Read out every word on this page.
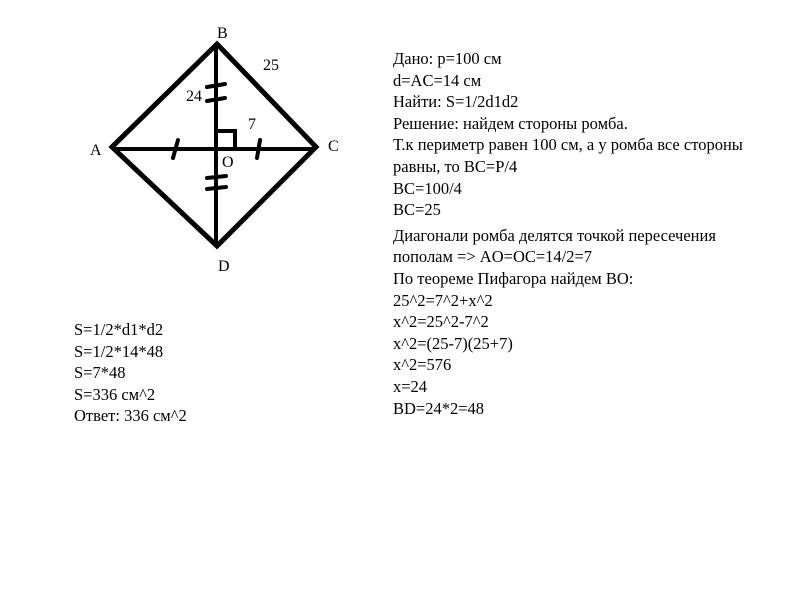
B
A	C
D
O
25
24
7
Дано: p=100 см
d=AC=14 см
Найти: S=1/2d1d2
Решение: найдем стороны ромба.
Т.к периметр равен 100 см, а у ромба все стороны
равны, то BC=P/4
BC=100/4
BC=25
Диагонали ромба делятся точкой пересечения
пополам => AO=OC=14/2=7
По теореме Пифагора найдем BO:
25^2=7^2+x^2
x^2=25^2-7^2
x^2=(25-7)(25+7)
x^2=576
x=24
BD=24*2=48
S=1/2*d1*d2
S=1/2*14*48
S=7*48
S=336 см^2
Ответ: 336 см^2
